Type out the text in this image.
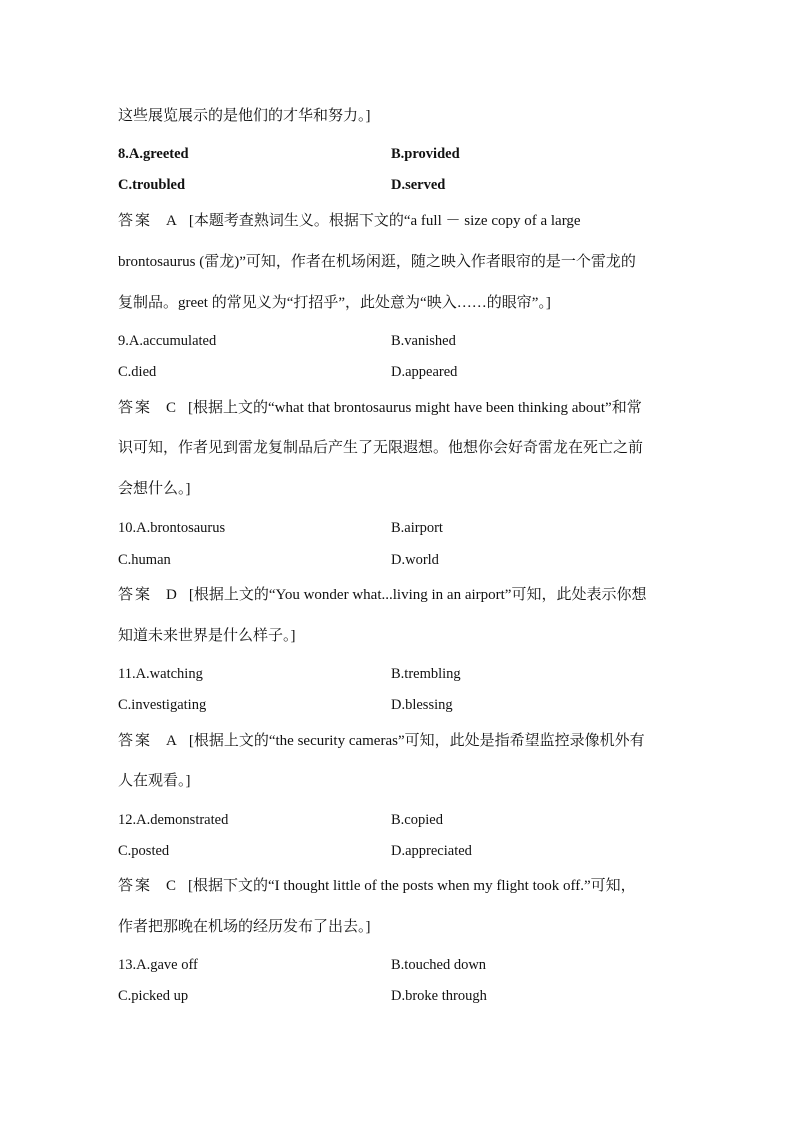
这些展览展示的是他们的才华和努力。]
8.A.greeted	B.provided
C.troubled	D.served
答案 A [本题考查熟词生义。根据下文的“a full － size copy of a large
brontosaurus (雷龙)”可知，作者在机场闲逛，随之映入作者眼帘的是一个雷龙的
复制品。greet 的常见义为“打招乎”，此处意为“映入……的眼帘”。]
9.A.accumulated	B.vanished
C.died	D.appeared
答案 C [根据上文的“what that brontosaurus might have been thinking about”和常
识可知，作者见到雷龙复制品后产生了无限遐想。他想你会好奇雷龙在死亡之前
会想什么。]
10.A.brontosaurus	B.airport
C.human	D.world
答案 D [根据上文的“You wonder what...living in an airport”可知，此处表示你想
知道未来世界是什么样子。]
11.A.watching	B.trembling
C.investigating	D.blessing
答案 A [根据上文的“the security cameras”可知，此处是指希望监控录像机外有
人在观看。]
12.A.demonstrated	B.copied
C.posted	D.appreciated
答案 C [根据下文的“I thought little of the posts when my flight took off.”可知，
作者把那晚在机场的经历发布了出去。]
13.A.gave off	B.touched down
C.picked up	D.broke through
